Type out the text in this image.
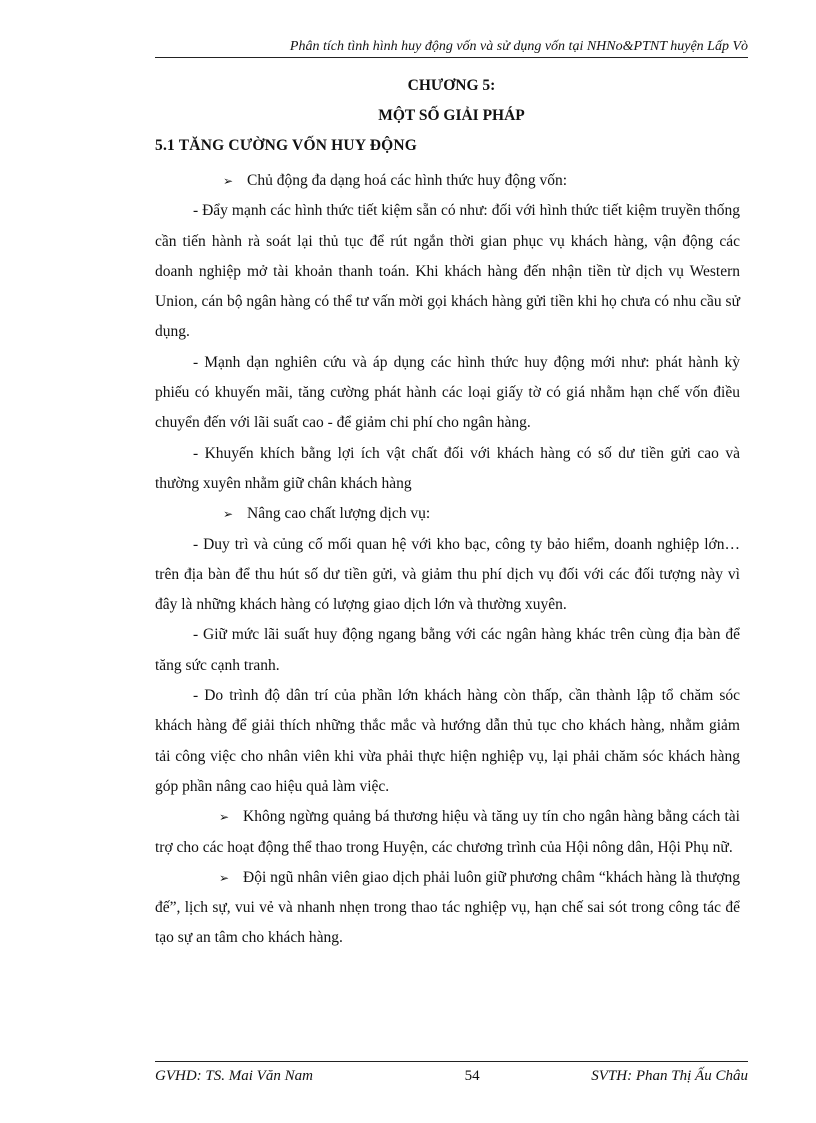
Phân tích tình hình huy động vốn và sử dụng vốn tại NHNo&PTNT huyện Lấp Vò
CHƯƠNG 5:
MỘT SỐ GIẢI PHÁP
5.1 TĂNG CƯỜNG VỐN HUY ĐỘNG

➢ Chủ động đa dạng hoá các hình thức huy động vốn:

- Đẩy mạnh các hình thức tiết kiệm sẵn có như: đối với hình thức tiết kiệm truyền thống cần tiến hành rà soát lại thủ tục để rút ngắn thời gian phục vụ khách hàng, vận động các doanh nghiệp mở tài khoản thanh toán. Khi khách hàng đến nhận tiền từ dịch vụ Western Union, cán bộ ngân hàng có thể tư vấn mời gọi khách hàng gửi tiền khi họ chưa có nhu cầu sử dụng.

- Mạnh dạn nghiên cứu và áp dụng các hình thức huy động mới như: phát hành kỳ phiếu có khuyến mãi, tăng cường phát hành các loại giấy tờ có giá nhằm hạn chế vốn điều chuyển đến với lãi suất cao - để giảm chi phí cho ngân hàng.

- Khuyến khích bằng lợi ích vật chất đối với khách hàng có số dư tiền gửi cao và thường xuyên nhằm giữ chân khách hàng

➢ Nâng cao chất lượng dịch vụ:

- Duy trì và củng cố mối quan hệ với kho bạc, công ty bảo hiểm, doanh nghiệp lớn… trên địa bàn để thu hút số dư tiền gửi, và giảm thu phí dịch vụ đối với các đối tượng này vì đây là những khách hàng có lượng giao dịch lớn và thường xuyên.

- Giữ mức lãi suất huy động ngang bằng với các ngân hàng khác trên cùng địa bàn để tăng sức cạnh tranh.

- Do trình độ dân trí của phần lớn khách hàng còn thấp, cần thành lập tổ chăm sóc khách hàng để giải thích những thắc mắc và hướng dẫn thủ tục cho khách hàng, nhằm giảm tải công việc cho nhân viên khi vừa phải thực hiện nghiệp vụ, lại phải chăm sóc khách hàng góp phần nâng cao hiệu quả làm việc.

➢ Không ngừng quảng bá thương hiệu và tăng uy tín cho ngân hàng bằng cách tài trợ cho các hoạt động thể thao trong Huyện, các chương trình của Hội nông dân, Hội Phụ nữ.

➢ Đội ngũ nhân viên giao dịch phải luôn giữ phương châm “khách hàng là thượng đế”, lịch sự, vui vẻ và nhanh nhẹn trong thao tác nghiệp vụ, hạn chế sai sót trong công tác để tạo sự an tâm cho khách hàng.

GVHD: TS. Mai Văn Nam	54	SVTH: Phan Thị Ấu Châu
